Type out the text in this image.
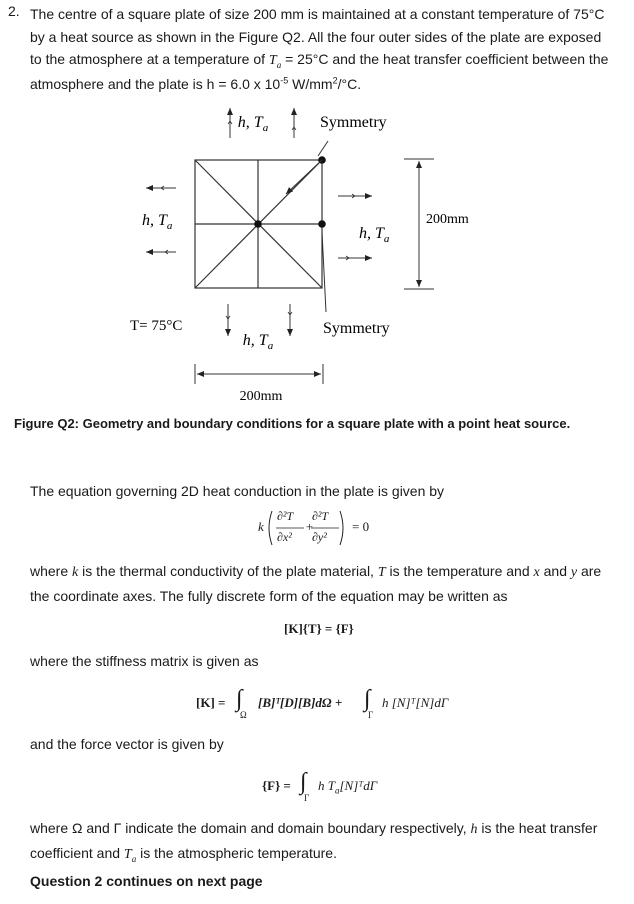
2. The centre of a square plate of size 200 mm is maintained at a constant temperature of 75°C
by a heat source as shown in the Figure Q2. All the four outer sides of the plate are exposed
to the atmosphere at a temperature of $T_a = 25^\circ C$ and the heat transfer coefficient between the
atmosphere and the plate is h = 6.0 x $10^{-5}$ $W/mm^2/^\circ C$.
h, $T_a$	Symmetry
h, $T_a$	h, $T_a$
200mm
T= 75°C	Symmetry
h, $T_a$
200mm
Figure Q2: Geometry and boundary conditions for a square plate with a point heat source.
The equation governing 2D heat conduction in the plate is given by
k
∂²T
∂x²
+
∂²T
∂y²
= 0
where k is the thermal conductivity of the plate material, T is the temperature and x and y are
the coordinate axes. The fully discrete form of the equation may be written as
[K]{T} = {F}
where the stiffness matrix is given as
[K] = ∫
Ω
[B]ᵀ[D][B]dΩ + ∫
Γ
h [N]ᵀ[N]dΓ
and the force vector is given by
{F} = ∫
Γ
h $T_a[N]ᵀd\Gamma$
where Ω and Γ indicate the domain and domain boundary respectively, h is the heat transfer
coefficient and $T_a$ is the atmospheric temperature.
Question 2 continues on next page
